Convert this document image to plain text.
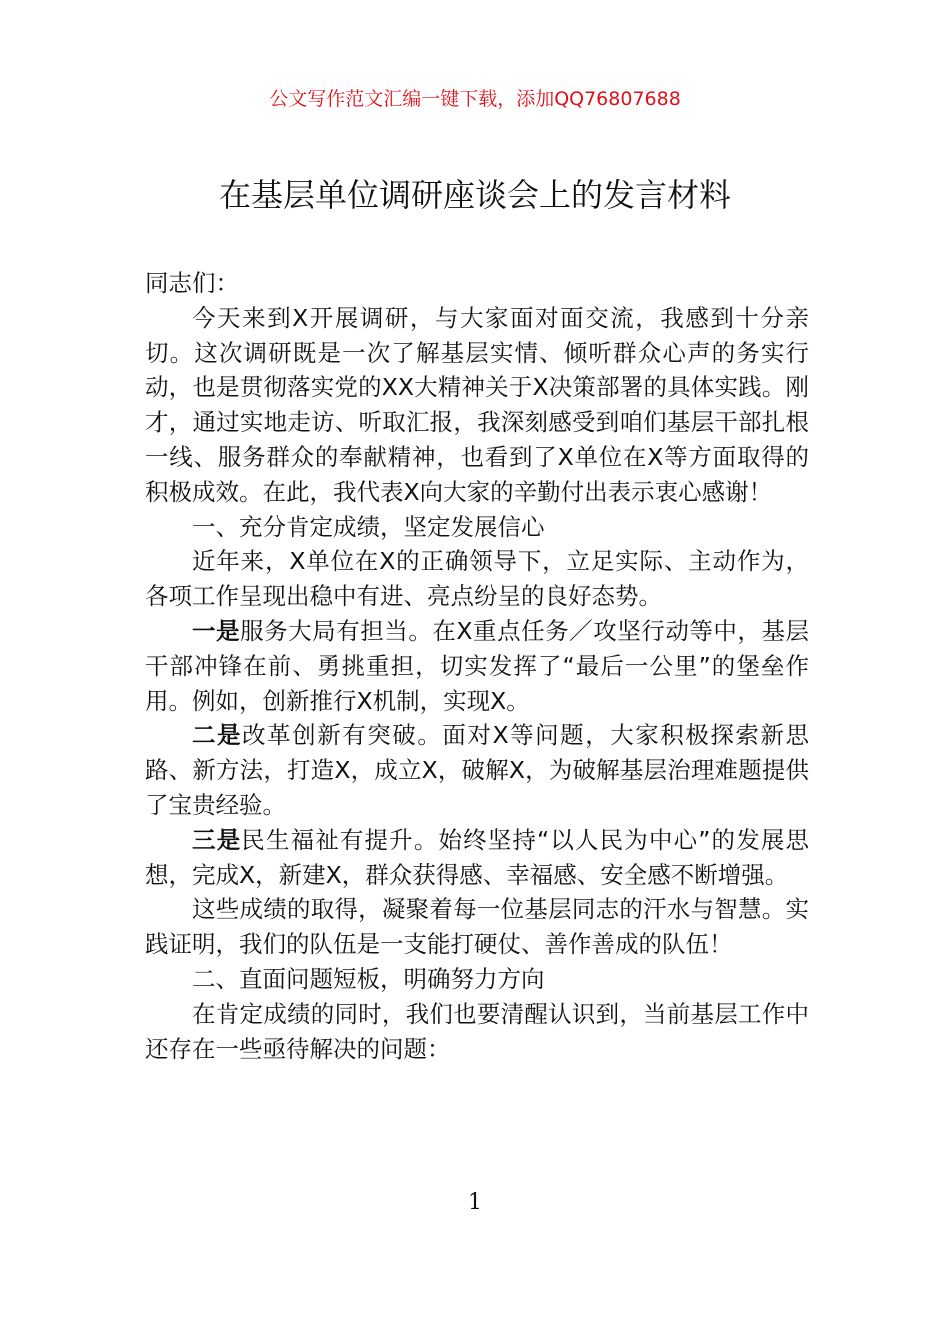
公文写作范文汇编一键下载，添加QQ76807688
在基层单位调研座谈会上的发言材料

同志们：

今天来到X开展调研，与大家面对面交流，我感到十分亲切。这次调研既是一次了解基层实情、倾听群众心声的务实行动，也是贯彻落实党的XX大精神关于X决策部署的具体实践。刚才，通过实地走访、听取汇报，我深刻感受到咱们基层干部扎根一线、服务群众的奉献精神，也看到了X单位在X等方面取得的积极成效。在此，我代表X向大家的辛勤付出表示衷心感谢！

一、充分肯定成绩，坚定发展信心

近年来，X单位在X的正确领导下，立足实际、主动作为，各项工作呈现出稳中有进、亮点纷呈的良好态势。

一是服务大局有担当。在X重点任务／攻坚行动等中，基层干部冲锋在前、勇挑重担，切实发挥了“最后一公里”的堡垒作用。例如，创新推行X机制，实现X。

二是改革创新有突破。面对X等问题，大家积极探索新思路、新方法，打造X，成立X，破解X，为破解基层治理难题提供了宝贵经验。

三是民生福祉有提升。始终坚持“以人民为中心”的发展思想，完成X，新建X，群众获得感、幸福感、安全感不断增强。

这些成绩的取得，凝聚着每一位基层同志的汗水与智慧。实践证明，我们的队伍是一支能打硬仗、善作善成的队伍！

二、直面问题短板，明确努力方向

在肯定成绩的同时，我们也要清醒认识到，当前基层工作中还存在一些亟待解决的问题：

1
